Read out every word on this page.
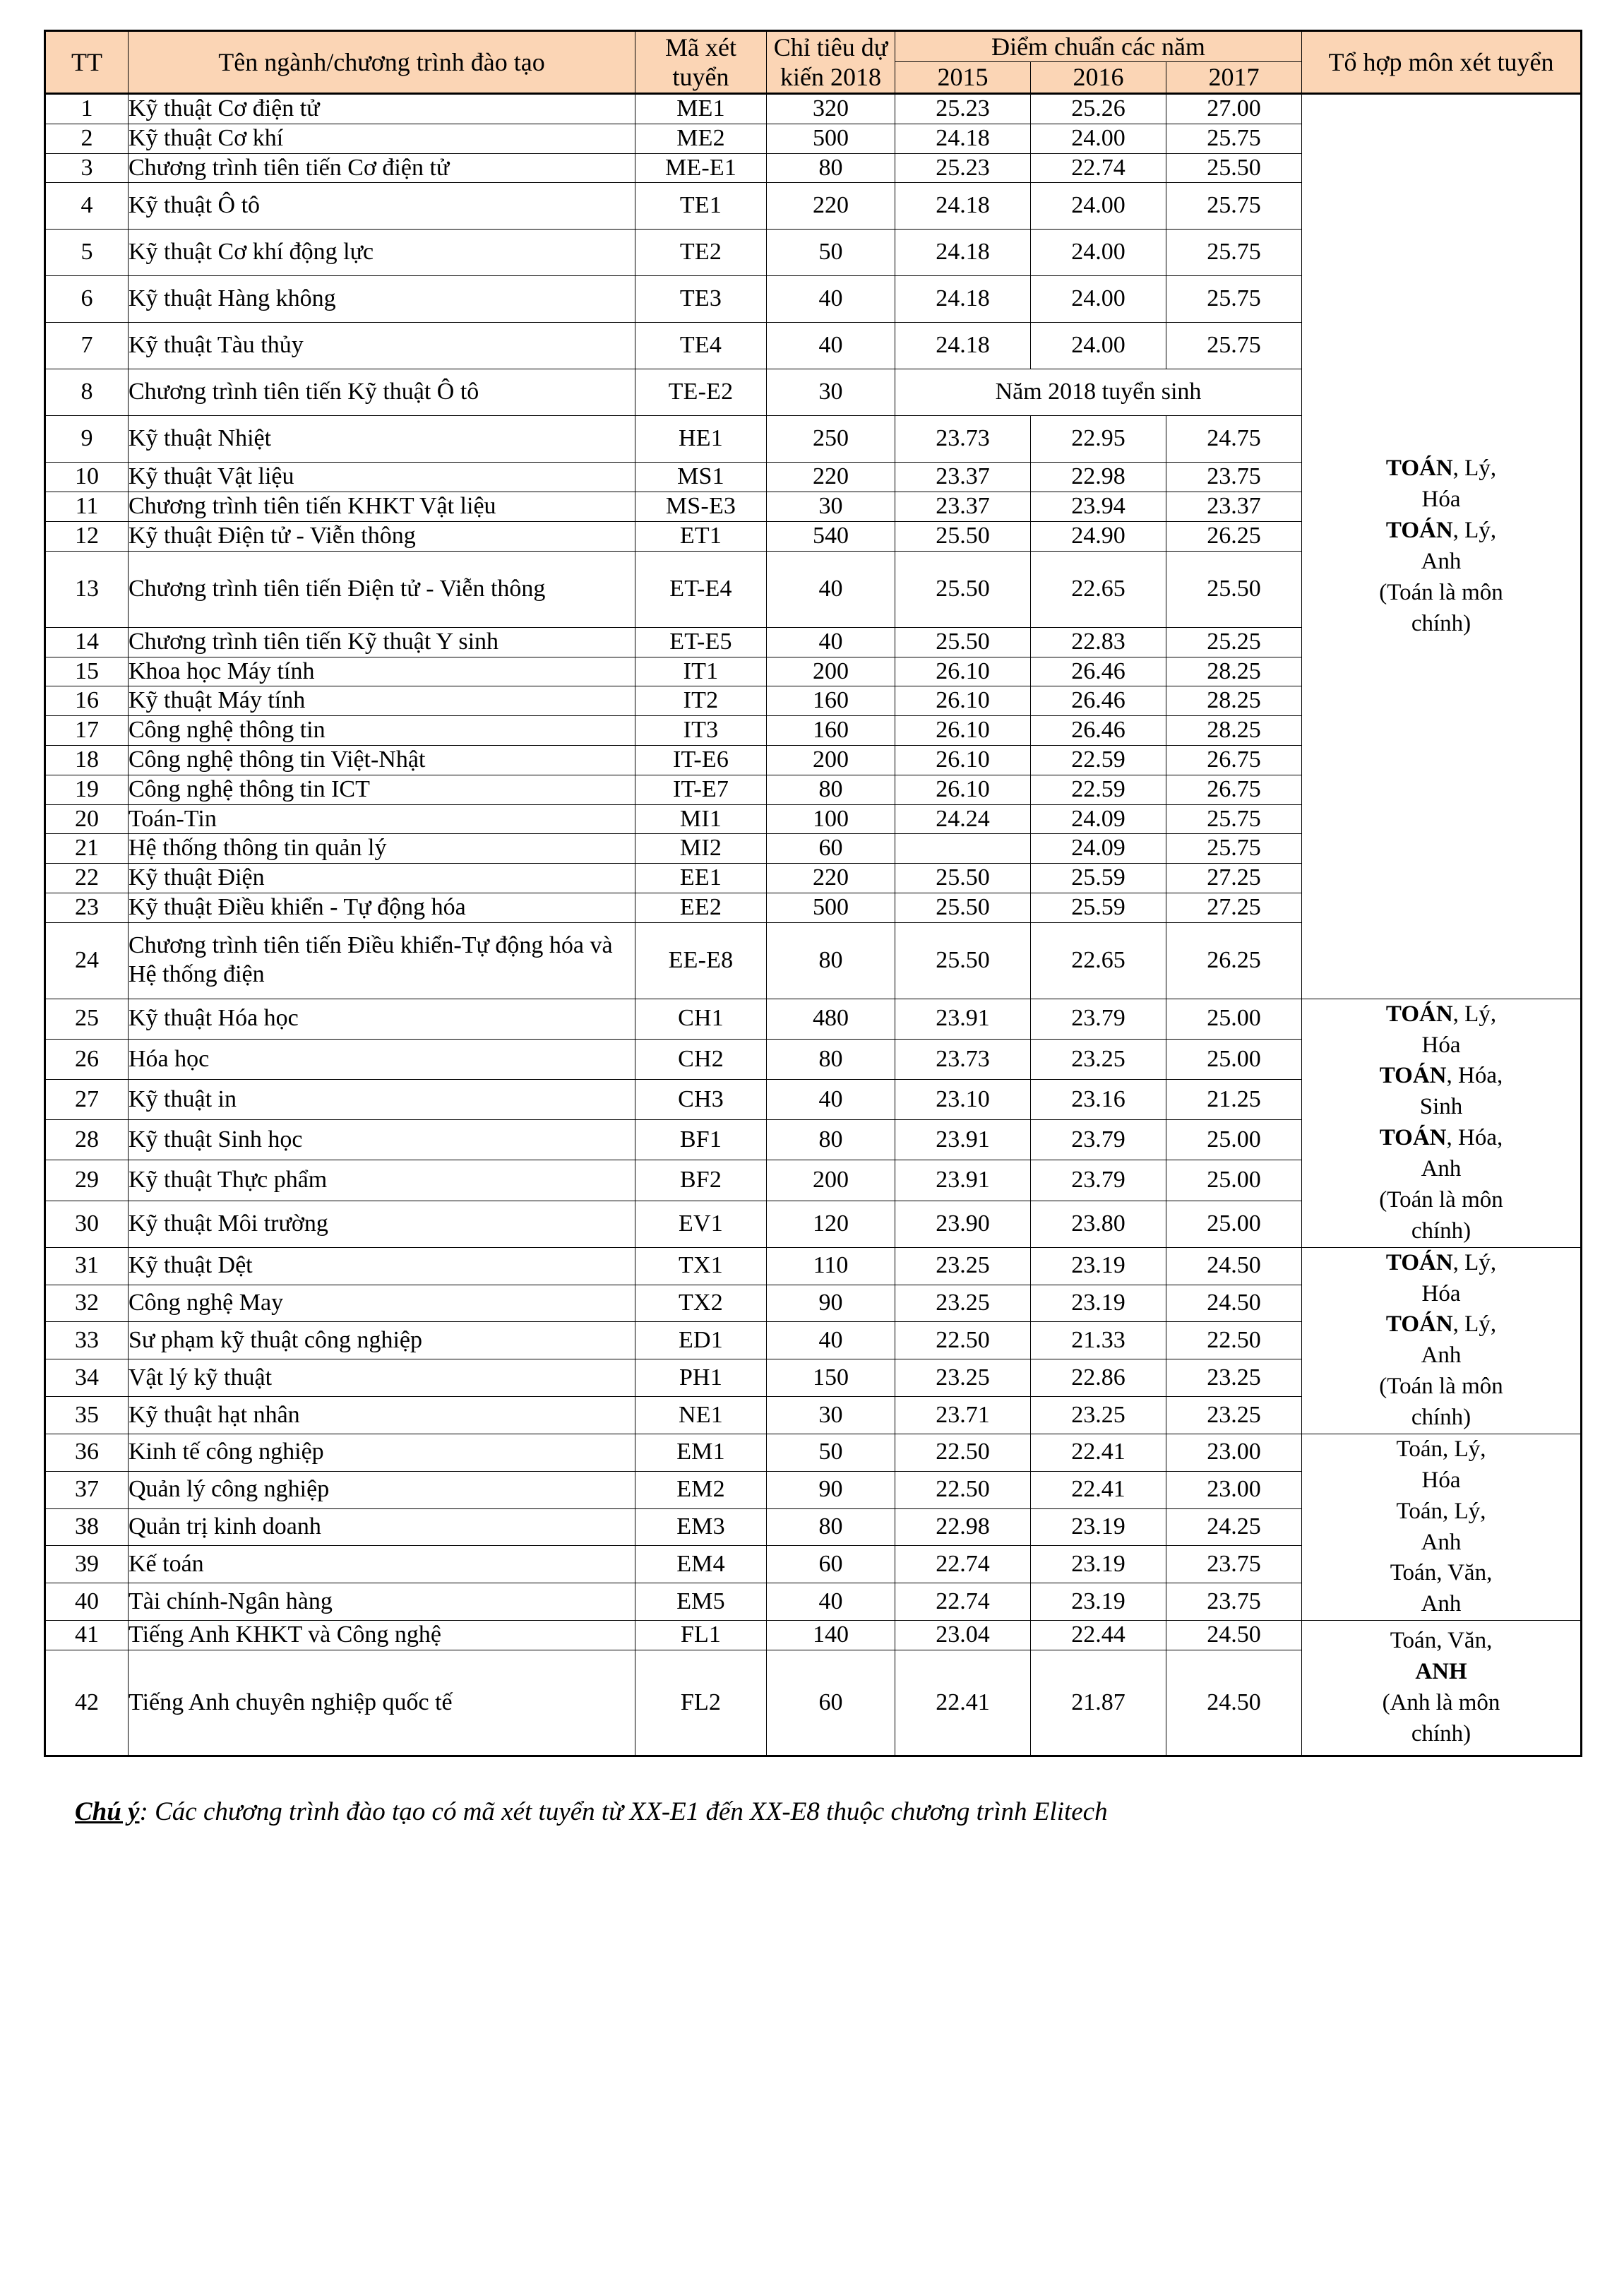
TT	Tên ngành/chương trình đào tạo	Mã xét tuyển	Chỉ tiêu dự kiến 2018	Điểm chuẩn các năm			Tổ hợp môn xét tuyển
				2015	2016	2017	
1	Kỹ thuật Cơ điện tử	ME1	320	25.23	25.26	27.00	TOÁN, Lý,
Hóa
TOÁN, Lý,
Anh
(Toán là môn
chính)
2	Kỹ thuật Cơ khí	ME2	500	24.18	24.00	25.75	
3	Chương trình tiên tiến Cơ điện tử	ME-E1	80	25.23	22.74	25.50	
4	Kỹ thuật Ô tô	TE1	220	24.18	24.00	25.75	
5	Kỹ thuật Cơ khí động lực	TE2	50	24.18	24.00	25.75	
6	Kỹ thuật Hàng không	TE3	40	24.18	24.00	25.75	
7	Kỹ thuật Tàu thủy	TE4	40	24.18	24.00	25.75	
8	Chương trình tiên tiến Kỹ thuật Ô tô	TE-E2	30	Năm 2018 tuyển sinh			
9	Kỹ thuật Nhiệt	HE1	250	23.73	22.95	24.75	
10	Kỹ thuật Vật liệu	MS1	220	23.37	22.98	23.75	
11	Chương trình tiên tiến KHKT Vật liệu	MS-E3	30	23.37	23.94	23.37	
12	Kỹ thuật Điện tử - Viễn thông	ET1	540	25.50	24.90	26.25	
13	Chương trình tiên tiến Điện tử - Viễn thông	ET-E4	40	25.50	22.65	25.50	
14	Chương trình tiên tiến Kỹ thuật Y sinh	ET-E5	40	25.50	22.83	25.25	
15	Khoa học Máy tính	IT1	200	26.10	26.46	28.25	
16	Kỹ thuật Máy tính	IT2	160	26.10	26.46	28.25	
17	Công nghệ thông tin	IT3	160	26.10	26.46	28.25	
18	Công nghệ thông tin Việt-Nhật	IT-E6	200	26.10	22.59	26.75	
19	Công nghệ thông tin ICT	IT-E7	80	26.10	22.59	26.75	
20	Toán-Tin	MI1	100	24.24	24.09	25.75	
21	Hệ thống thông tin quản lý	MI2	60		24.09	25.75	
22	Kỹ thuật Điện	EE1	220	25.50	25.59	27.25	
23	Kỹ thuật Điều khiển - Tự động hóa	EE2	500	25.50	25.59	27.25	
24	Chương trình tiên tiến Điều khiển-Tự động hóa và Hệ thống điện	EE-E8	80	25.50	22.65	26.25	
25	Kỹ thuật Hóa học	CH1	480	23.91	23.79	25.00	TOÁN, Lý,
Hóa
TOÁN, Hóa,
Sinh
TOÁN, Hóa,
Anh
(Toán là môn
chính)
26	Hóa học	CH2	80	23.73	23.25	25.00	
27	Kỹ thuật in	CH3	40	23.10	23.16	21.25	
28	Kỹ thuật Sinh học	BF1	80	23.91	23.79	25.00	
29	Kỹ thuật Thực phẩm	BF2	200	23.91	23.79	25.00	
30	Kỹ thuật Môi trường	EV1	120	23.90	23.80	25.00	
31	Kỹ thuật Dệt	TX1	110	23.25	23.19	24.50	TOÁN, Lý,
Hóa
TOÁN, Lý,
Anh
(Toán là môn
chính)
32	Công nghệ May	TX2	90	23.25	23.19	24.50	
33	Sư phạm kỹ thuật công nghiệp	ED1	40	22.50	21.33	22.50	
34	Vật lý kỹ thuật	PH1	150	23.25	22.86	23.25	
35	Kỹ thuật hạt nhân	NE1	30	23.71	23.25	23.25	
36	Kinh tế công nghiệp	EM1	50	22.50	22.41	23.00	Toán, Lý,
Hóa
Toán, Lý,
Anh
Toán, Văn,
Anh
37	Quản lý công nghiệp	EM2	90	22.50	22.41	23.00	
38	Quản trị kinh doanh	EM3	80	22.98	23.19	24.25	
39	Kế toán	EM4	60	22.74	23.19	23.75	
40	Tài chính-Ngân hàng	EM5	40	22.74	23.19	23.75	
41	Tiếng Anh KHKT và Công nghệ	FL1	140	23.04	22.44	24.50	Toán, Văn,
ANH
(Anh là môn
chính)
42	Tiếng Anh chuyên nghiệp quốc tế	FL2	60	22.41	21.87	24.50	
Chú ý: Các chương trình đào tạo có mã xét tuyển từ XX-E1 đến XX-E8 thuộc chương trình Elitech
